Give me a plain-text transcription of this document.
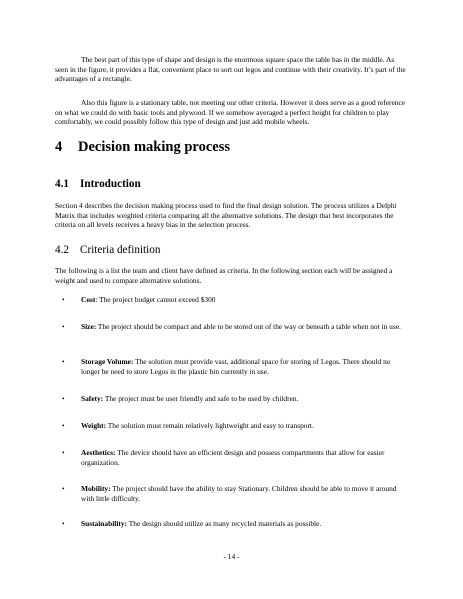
The best part of this type of shape and design is the enormous square space the table has in the middle. As seen in the figure, it provides a flat, convenient place to sort out legos and continue with their creativity. It’s part of the advantages of a rectangle.

Also this figure is a stationary table, not meeting our other criteria. However it does serve as a good reference on what we could do with basic tools and plywood. If we somehow averaged a perfect height for children to play comfortably, we could possibly follow this type of design and just add mobile wheels.

4 Decision making process
4.1 Introduction

Section 4 describes the decision making process used to find the final design solution. The process utilizes a Delphi Matrix that includes weighted criteria comparing all the alternative solutions. The design that best incorporates the criteria on all levels receives a heavy bias in the selection process.

4.2 Criteria definition

The following is a list the team and client have defined as criteria. In the following section each will be assigned a weight and used to compare alternative solutions.

• Cost: The project budget cannot exceed $300
• Size: The project should be compact and able to be stored out of the way or beneath a table when not in use.
• Storage Volume: The solution must provide vast, additional space for storing of Legos. There should no longer be need to store Legos in the plastic bin currently in use.
• Safety: The project must be user friendly and safe to be used by children.
• Weight: The solution must remain relatively lightweight and easy to transport.
• Aesthetics: The device should have an efficient design and possess compartments that allow for easier organization.
• Mobility: The project should have the ability to stay Stationary. Children should be able to move it around with little difficulty.
• Sustainability: The design should utilize as many recycled materials as possible.
- 14 -
